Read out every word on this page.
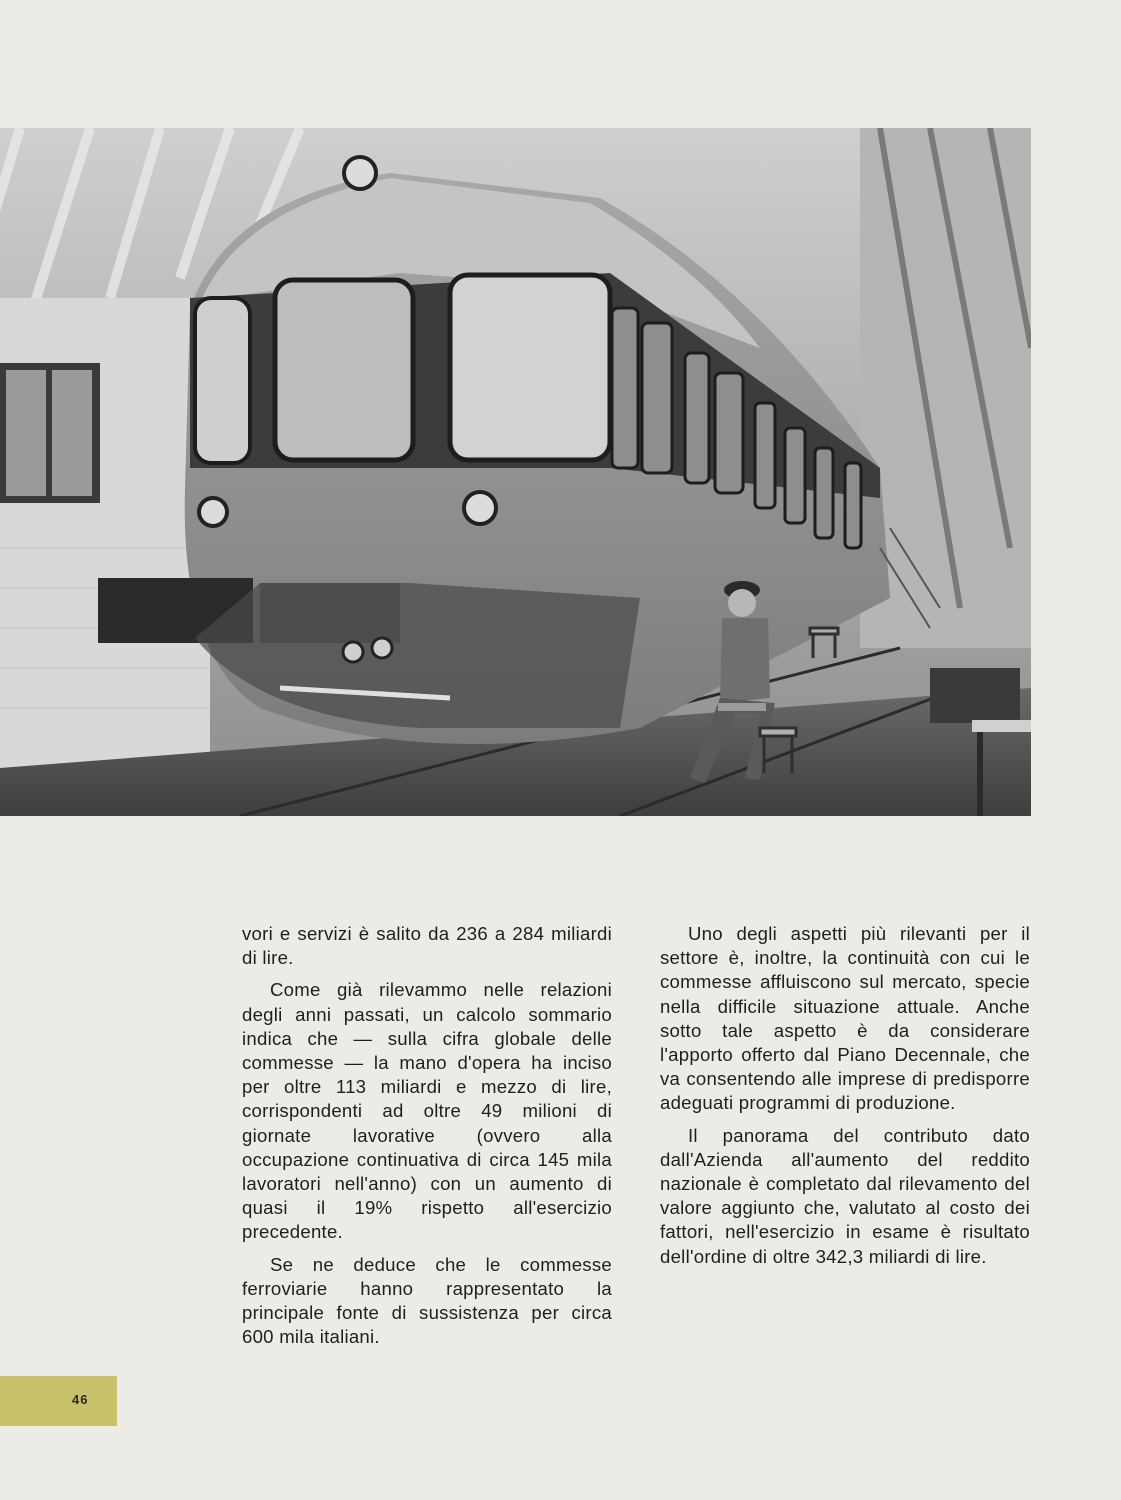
vori e servizi è salito da 236 a 284 miliardi di lire.

Come già rilevammo nelle relazioni degli anni passati, un calcolo sommario indica che — sulla cifra globale delle commesse — la mano d'opera ha inciso per oltre 113 miliardi e mezzo di lire, corrispondenti ad oltre 49 milioni di giornate lavorative (ovvero alla occupazione continuativa di circa 145 mila lavoratori nell'anno) con un aumento di quasi il 19% rispetto all'esercizio precedente.

Se ne deduce che le commesse ferroviarie hanno rappresentato la principale fonte di sussistenza per circa 600 mila italiani.

Uno degli aspetti più rilevanti per il settore è, inoltre, la continuità con cui le commesse affluiscono sul mercato, specie nella difficile situazione attuale. Anche sotto tale aspetto è da considerare l'apporto offerto dal Piano Decennale, che va consentendo alle imprese di predisporre adeguati programmi di produzione.

Il panorama del contributo dato dall'Azienda all'aumento del reddito nazionale è completato dal rilevamento del valore aggiunto che, valutato al costo dei fattori, nell'esercizio in esame è risultato dell'ordine di oltre 342,3 miliardi di lire.

46
